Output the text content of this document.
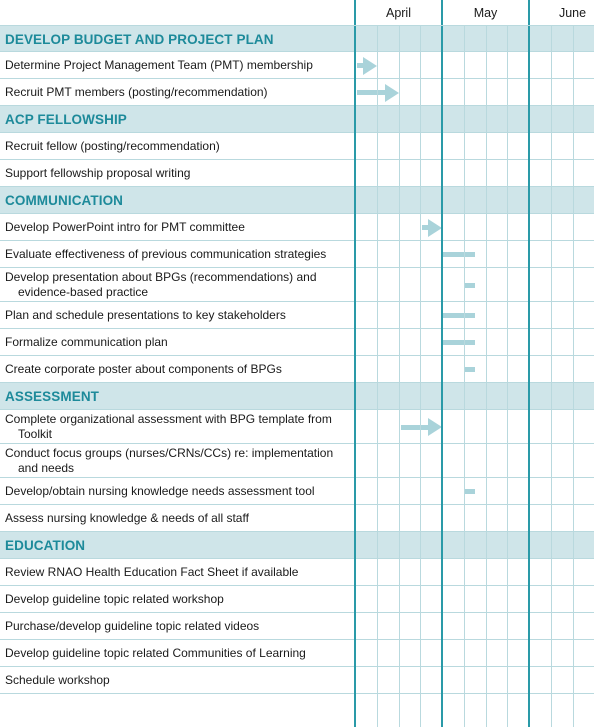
April	May	June
DEVELOP BUDGET AND PROJECT PLAN
Determine Project Management Team (PMT) membership
Recruit PMT members (posting/recommendation)
ACP FELLOWSHIP
Recruit fellow (posting/recommendation)
Support fellowship proposal writing
COMMUNICATION
Develop PowerPoint intro for PMT committee
Evaluate effectiveness of previous communication strategies
Develop presentation about BPGs (recommendations) and
evidence-based practice
Plan and schedule presentations to key stakeholders
Formalize communication plan
Create corporate poster about components of BPGs
ASSESSMENT
Complete organizational assessment with BPG template from
Toolkit
Conduct focus groups (nurses/CRNs/CCs) re: implementation
and needs
Develop/obtain nursing knowledge needs assessment tool
Assess nursing knowledge & needs of all staff
EDUCATION
Review RNAO Health Education Fact Sheet if available
Develop guideline topic related workshop
Purchase/develop guideline topic related videos
Develop guideline topic related Communities of Learning
Schedule workshop
